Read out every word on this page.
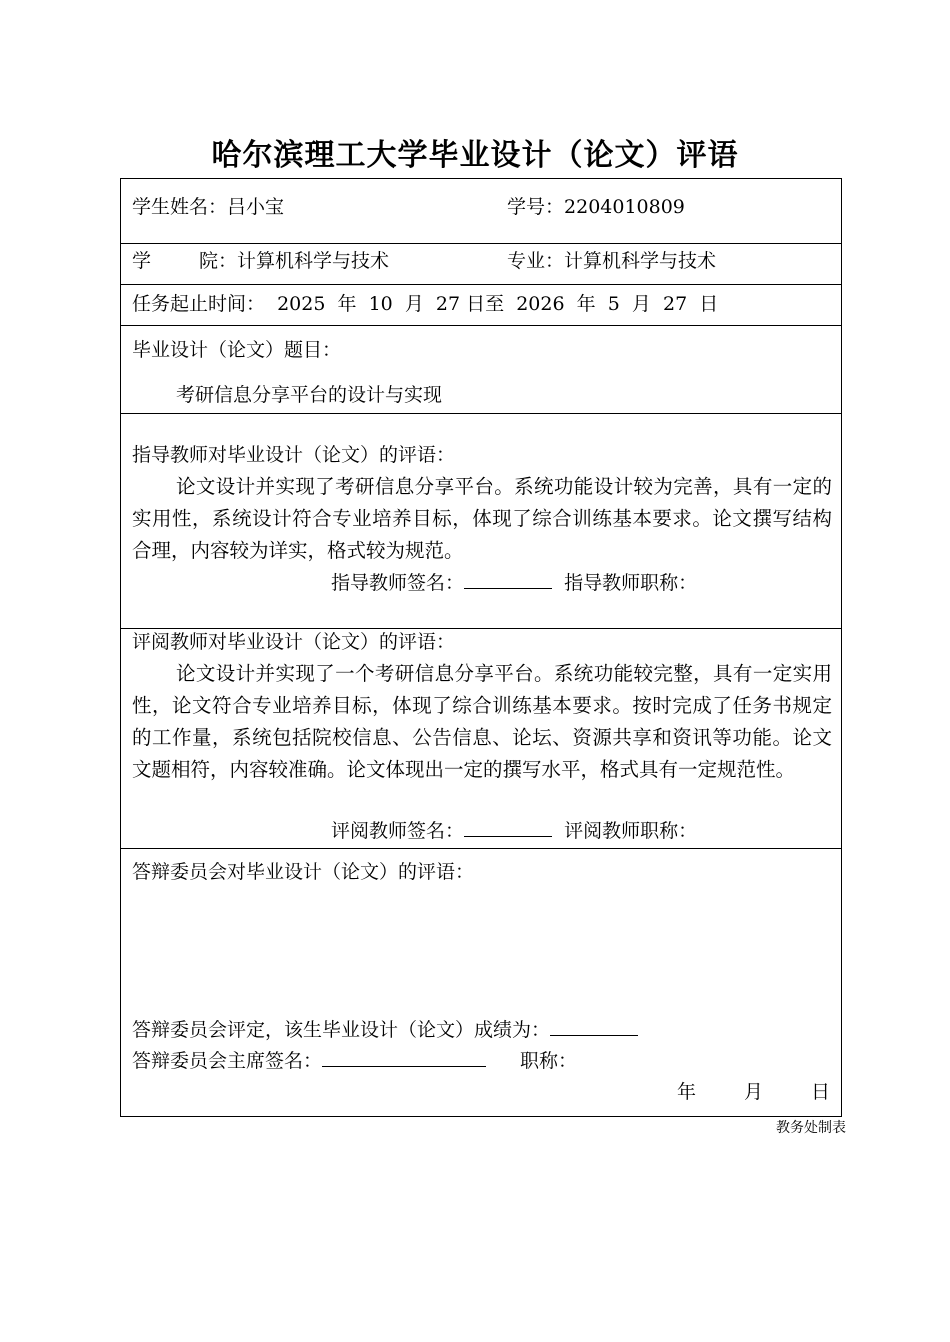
哈尔滨理工大学毕业设计（论文）评语
学生姓名：吕小宝	学号：2204010809
学	院：计算机科学与技术	专业：计算机科学与技术
任务起止时间：  2025  年  10  月  27 日至  2026  年  5  月  27  日
毕业设计（论文）题目：
考研信息分享平台的设计与实现
指导教师对毕业设计（论文）的评语：
论文设计并实现了考研信息分享平台。系统功能设计较为完善，具有一定的实用性，系统设计符合专业培养目标，体现了综合训练基本要求。论文撰写结构合理，内容较为详实，格式较为规范。
指导教师签名：	指导教师职称：
评阅教师对毕业设计（论文）的评语：
论文设计并实现了一个考研信息分享平台。系统功能较完整，具有一定实用性，论文符合专业培养目标，体现了综合训练基本要求。按时完成了任务书规定的工作量，系统包括院校信息、公告信息、论坛、资源共享和资讯等功能。论文文题相符，内容较准确。论文体现出一定的撰写水平，格式具有一定规范性。
评阅教师签名：	评阅教师职称：
答辩委员会对毕业设计（论文）的评语：
答辩委员会评定，该生毕业设计（论文）成绩为：
答辩委员会主席签名：	职称：
年	月	日
教务处制表
